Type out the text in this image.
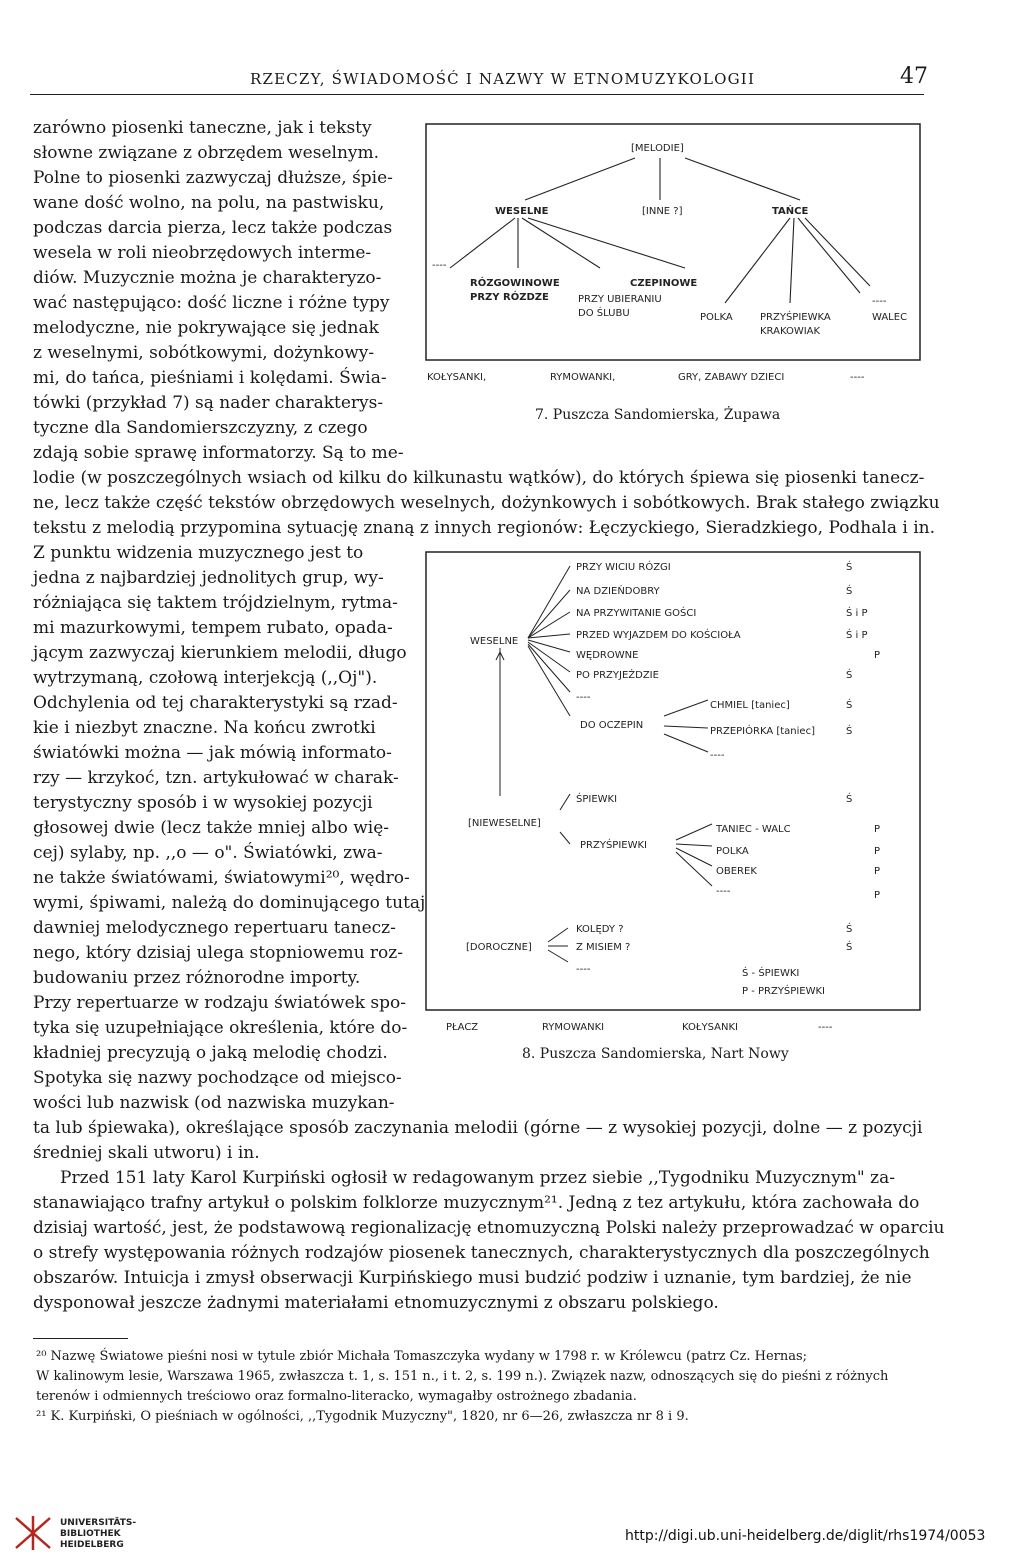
RZECZY, ŚWIADOMOŚĆ I NAZWY W ETNOMUZYKOLOGII	47
zarówno piosenki taneczne, jak i teksty
słowne związane z obrzędem weselnym.
Polne to piosenki zazwyczaj dłuższe, śpie-
wane dość wolno, na polu, na pastwisku,
podczas darcia pierza, lecz także podczas
wesela w roli nieobrzędowych interme-
diów. Muzycznie można je charakteryzo-
wać następująco: dość liczne i różne typy
melodyczne, nie pokrywające się jednak
z weselnymi, sobótkowymi, dożynkowy-
mi, do tańca, pieśniami i kolędami. Świa-
tówki (przykład 7) są nader charakterys-
tyczne dla Sandomierszczyzny, z czego
zdają sobie sprawę informatorzy. Są to me-
[MELODIE]
WESELNE	[INNE ?]	TAŃCE
----
RÓZGOWINOWE
PRZY RÓZDZE
CZEPINOWE
PRZY UBIERANIU
DO ŚLUBU	POLKA	PRZYŚPIEWKA
KRAKOWIAK
WALEC
----
KOŁYSANKI,	RYMOWANKI,	GRY, ZABAWY DZIECI	----
7. Puszcza Sandomierska, Żupawa
lodie (w poszczególnych wsiach od kilku do kilkunastu wątków), do których śpiewa się piosenki tanecz-
ne, lecz także część tekstów obrzędowych weselnych, dożynkowych i sobótkowych. Brak stałego związku
tekstu z melodią przypomina sytuację znaną z innych regionów: Łęczyckiego, Sieradzkiego, Podhala i in.
Z punktu widzenia muzycznego jest to
jedna z najbardziej jednolitych grup, wy-
różniająca się taktem trójdzielnym, rytma-
mi mazurkowymi, tempem rubato, opada-
jącym zazwyczaj kierunkiem melodii, długo
wytrzymaną, czołową interjekcją (,,Oj").
Odchylenia od tej charakterystyki są rzad-
kie i niezbyt znaczne. Na końcu zwrotki
światówki można — jak mówią informato-
rzy — krzykoć, tzn. artykułować w charak-
terystyczny sposób i w wysokiej pozycji
głosowej dwie (lecz także mniej albo wię-
cej) sylaby, np. ,,o — o". Światówki, zwa-
ne także światówami, światowymi²⁰, wędro-
wymi, śpiwami, należą do dominującego tutaj
dawniej melodycznego repertuaru tanecz-
nego, który dzisiaj ulega stopniowemu roz-
budowaniu przez różnorodne importy.
Przy repertuarze w rodzaju światówek spo-
tyka się uzupełniające określenia, które do-
kładniej precyzują o jaką melodię chodzi.
Spotyka się nazwy pochodzące od miejsco-
wości lub nazwisk (od nazwiska muzykan-
PRZY WICIU RÓZGI	Ś
NA DZIEŃDOBRY	Ś
NA PRZYWITANIE GOŚCI	Ś i P
PRZED WYJAZDEM DO KOŚCIOŁA	Ś i P
WĘDROWNE	P
PO PRZYJEŹDZIE	Ś
WESELNE
----
DO OCZEPIN
CHMIEL [taniec]	Ś
PRZEPIÓRKA [taniec]	Ś
----
ŚPIEWKI	Ś
[NIEWESELNE]
PRZYŚPIEWKI
TANIEC - WALC	P
POLKA	P
OBEREK	P
----	P
KOLĘDY ?	Ś
[DOROCZNE]	Z MISIEM ?	Ś
----	Ś - ŚPIEWKI
P - PRZYŚPIEWKI
PŁACZ	RYMOWANKI	KOŁYSANKI	----
8. Puszcza Sandomierska, Nart Nowy
ta lub śpiewaka), określające sposób zaczynania melodii (górne — z wysokiej pozycji, dolne — z pozycji
średniej skali utworu) i in.
Przed 151 laty Karol Kurpiński ogłosił w redagowanym przez siebie ,,Tygodniku Muzycznym" za-
stanawiająco trafny artykuł o polskim folklorze muzycznym²¹. Jedną z tez artykułu, która zachowała do
dzisiaj wartość, jest, że podstawową regionalizację etnomuzyczną Polski należy przeprowadzać w oparciu
o strefy występowania różnych rodzajów piosenek tanecznych, charakterystycznych dla poszczególnych
obszarów. Intuicja i zmysł obserwacji Kurpińskiego musi budzić podziw i uznanie, tym bardziej, że nie
dysponował jeszcze żadnymi materiałami etnomuzycznymi z obszaru polskiego.
²⁰ Nazwę Światowe pieśni nosi w tytule zbiór Michała Tomaszczyka wydany w 1798 r. w Królewcu (patrz Cz. Hernas;
W kalinowym lesie, Warszawa 1965, zwłaszcza t. 1, s. 151 n., i t. 2, s. 199 n.). Związek nazw, odnoszących się do pieśni z różnych
terenów i odmiennych treściowo oraz formalno-literacko, wymagałby ostrożnego zbadania.
²¹ K. Kurpiński, O pieśniach w ogólności, ,,Tygodnik Muzyczny", 1820, nr 6—26, zwłaszcza nr 8 i 9.
UNIVERSITÄTS-
BIBLIOTHEK
HEIDELBERG
http://digi.ub.uni-heidelberg.de/diglit/rhs1974/0053
